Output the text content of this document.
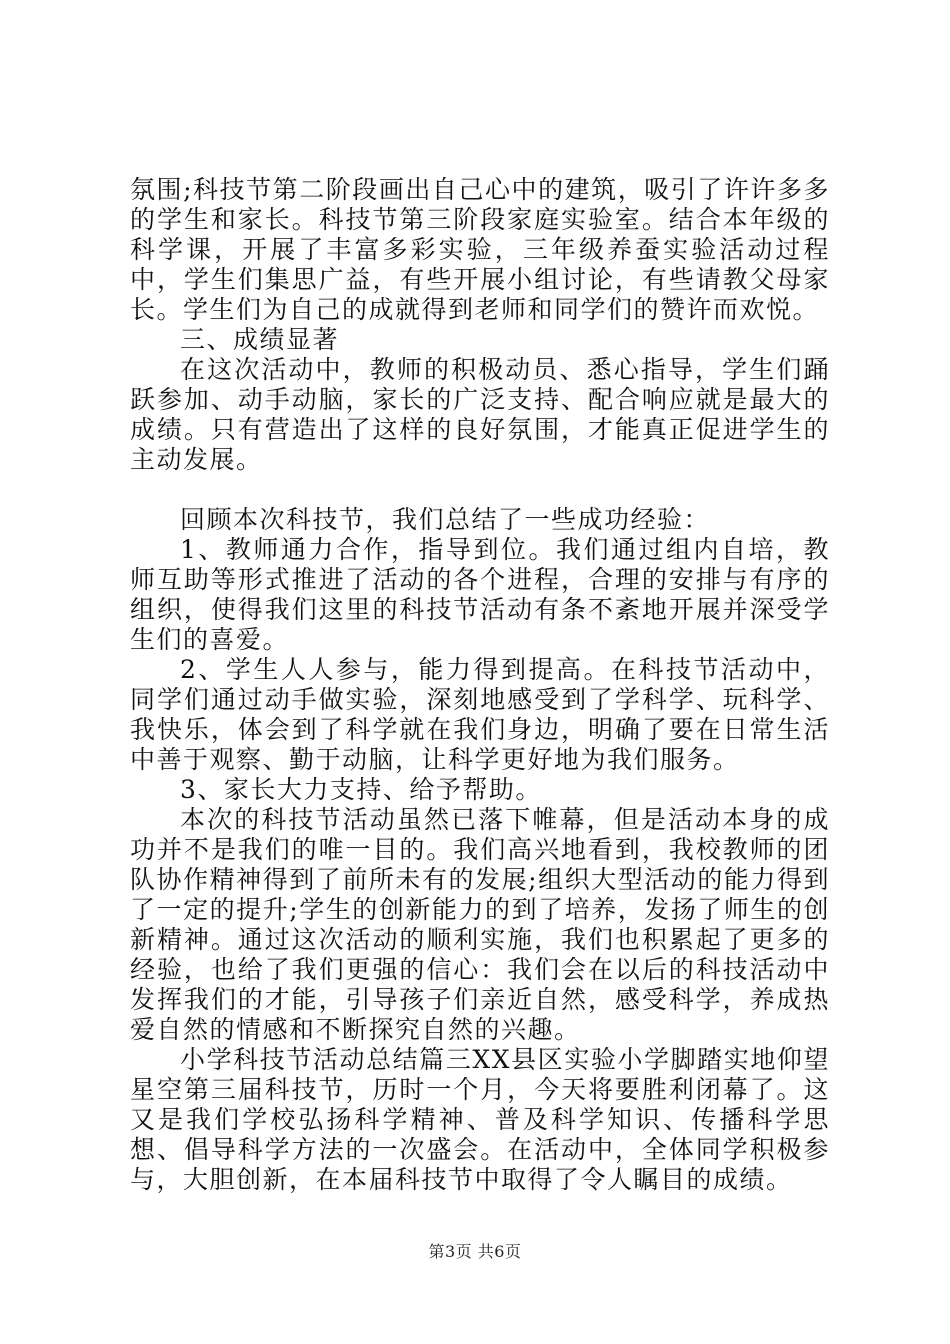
氛围;科技节第二阶段画出自己心中的建筑，吸引了许许多多的学生和家长。科技节第三阶段家庭实验室。结合本年级的科学课，开展了丰富多彩实验，三年级养蚕实验活动过程中，学生们集思广益，有些开展小组讨论，有些请教父母家长。学生们为自己的成就得到老师和同学们的赞许而欢悦。

三、成绩显著

在这次活动中，教师的积极动员、悉心指导，学生们踊跃参加、动手动脑，家长的广泛支持、配合响应就是最大的成绩。只有营造出了这样的良好氛围，才能真正促进学生的主动发展。

回顾本次科技节，我们总结了一些成功经验：

1、教师通力合作，指导到位。我们通过组内自培，教师互助等形式推进了活动的各个进程，合理的安排与有序的组织，使得我们这里的科技节活动有条不紊地开展并深受学生们的喜爱。

2、学生人人参与，能力得到提高。在科技节活动中，同学们通过动手做实验，深刻地感受到了学科学、玩科学、我快乐，体会到了科学就在我们身边，明确了要在日常生活中善于观察、勤于动脑，让科学更好地为我们服务。

3、家长大力支持、给予帮助。

本次的科技节活动虽然已落下帷幕，但是活动本身的成功并不是我们的唯一目的。我们高兴地看到，我校教师的团队协作精神得到了前所未有的发展;组织大型活动的能力得到了一定的提升;学生的创新能力的到了培养，发扬了师生的创新精神。通过这次活动的顺利实施，我们也积累起了更多的经验，也给了我们更强的信心：我们会在以后的科技活动中发挥我们的才能，引导孩子们亲近自然，感受科学，养成热爱自然的情感和不断探究自然的兴趣。

小学科技节活动总结篇三XX县区实验小学脚踏实地仰望星空第三届科技节，历时一个月，今天将要胜利闭幕了。这又是我们学校弘扬科学精神、普及科学知识、传播科学思想、倡导科学方法的一次盛会。在活动中，全体同学积极参与，大胆创新，在本届科技节中取得了令人瞩目的成绩。

第3页 共6页
